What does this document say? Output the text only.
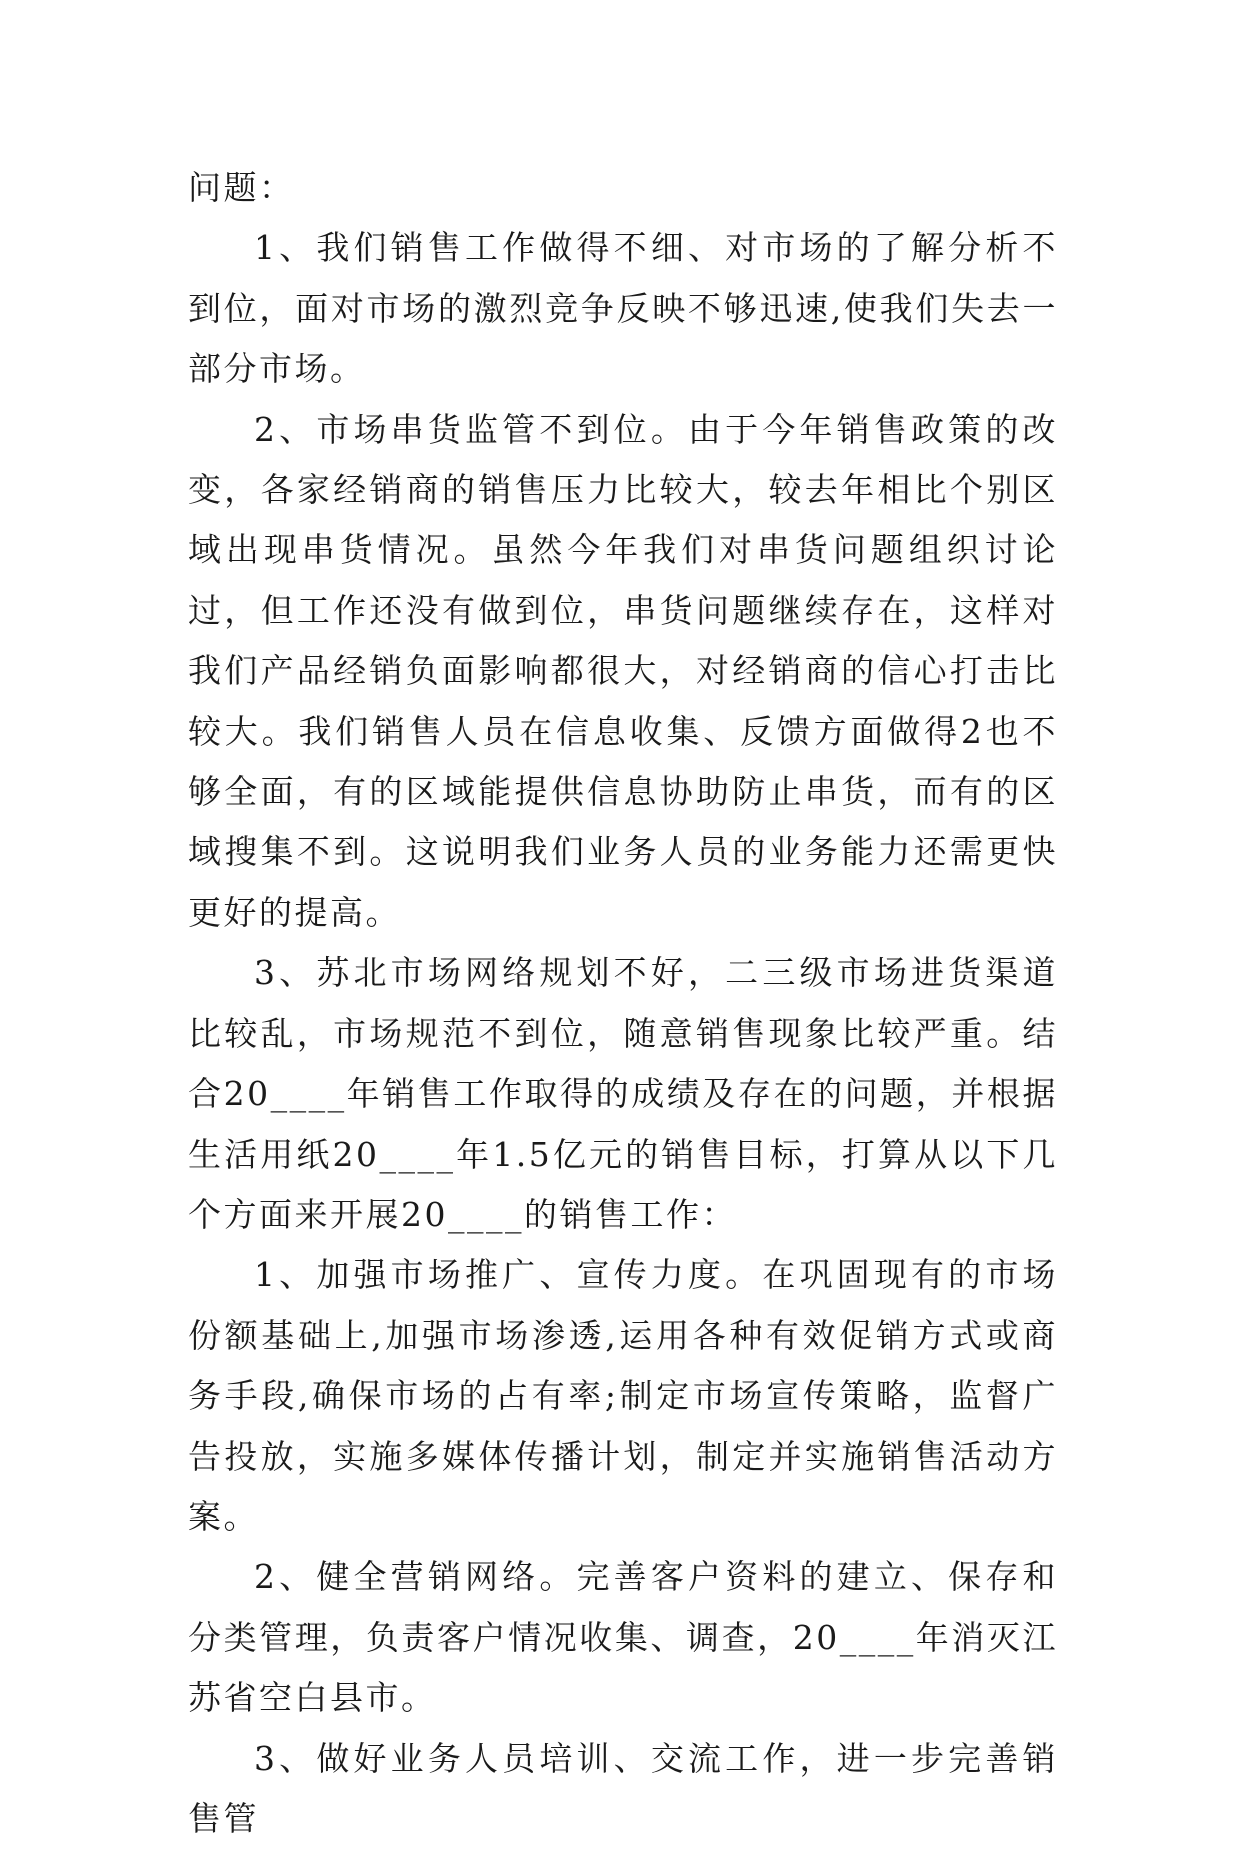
问题：

1、我们销售工作做得不细、对市场的了解分析不到位，面对市场的激烈竞争反映不够迅速,使我们失去一部分市场。

2、市场串货监管不到位。由于今年销售政策的改变，各家经销商的销售压力比较大，较去年相比个别区域出现串货情况。虽然今年我们对串货问题组织讨论过，但工作还没有做到位，串货问题继续存在，这样对我们产品经销负面影响都很大，对经销商的信心打击比较大。我们销售人员在信息收集、反馈方面做得2也不够全面，有的区域能提供信息协助防止串货，而有的区域搜集不到。这说明我们业务人员的业务能力还需更快更好的提高。

3、苏北市场网络规划不好，二三级市场进货渠道比较乱，市场规范不到位，随意销售现象比较严重。结合20____年销售工作取得的成绩及存在的问题，并根据生活用纸20____年1.5亿元的销售目标，打算从以下几个方面来开展20____的销售工作：

1、加强市场推广、宣传力度。在巩固现有的市场份额基础上,加强市场渗透,运用各种有效促销方式或商务手段,确保市场的占有率;制定市场宣传策略，监督广告投放，实施多媒体传播计划，制定并实施销售活动方案。

2、健全营销网络。完善客户资料的建立、保存和分类管理，负责客户情况收集、调查，20____年消灭江苏省空白县市。

3、做好业务人员培训、交流工作，进一步完善销售管
